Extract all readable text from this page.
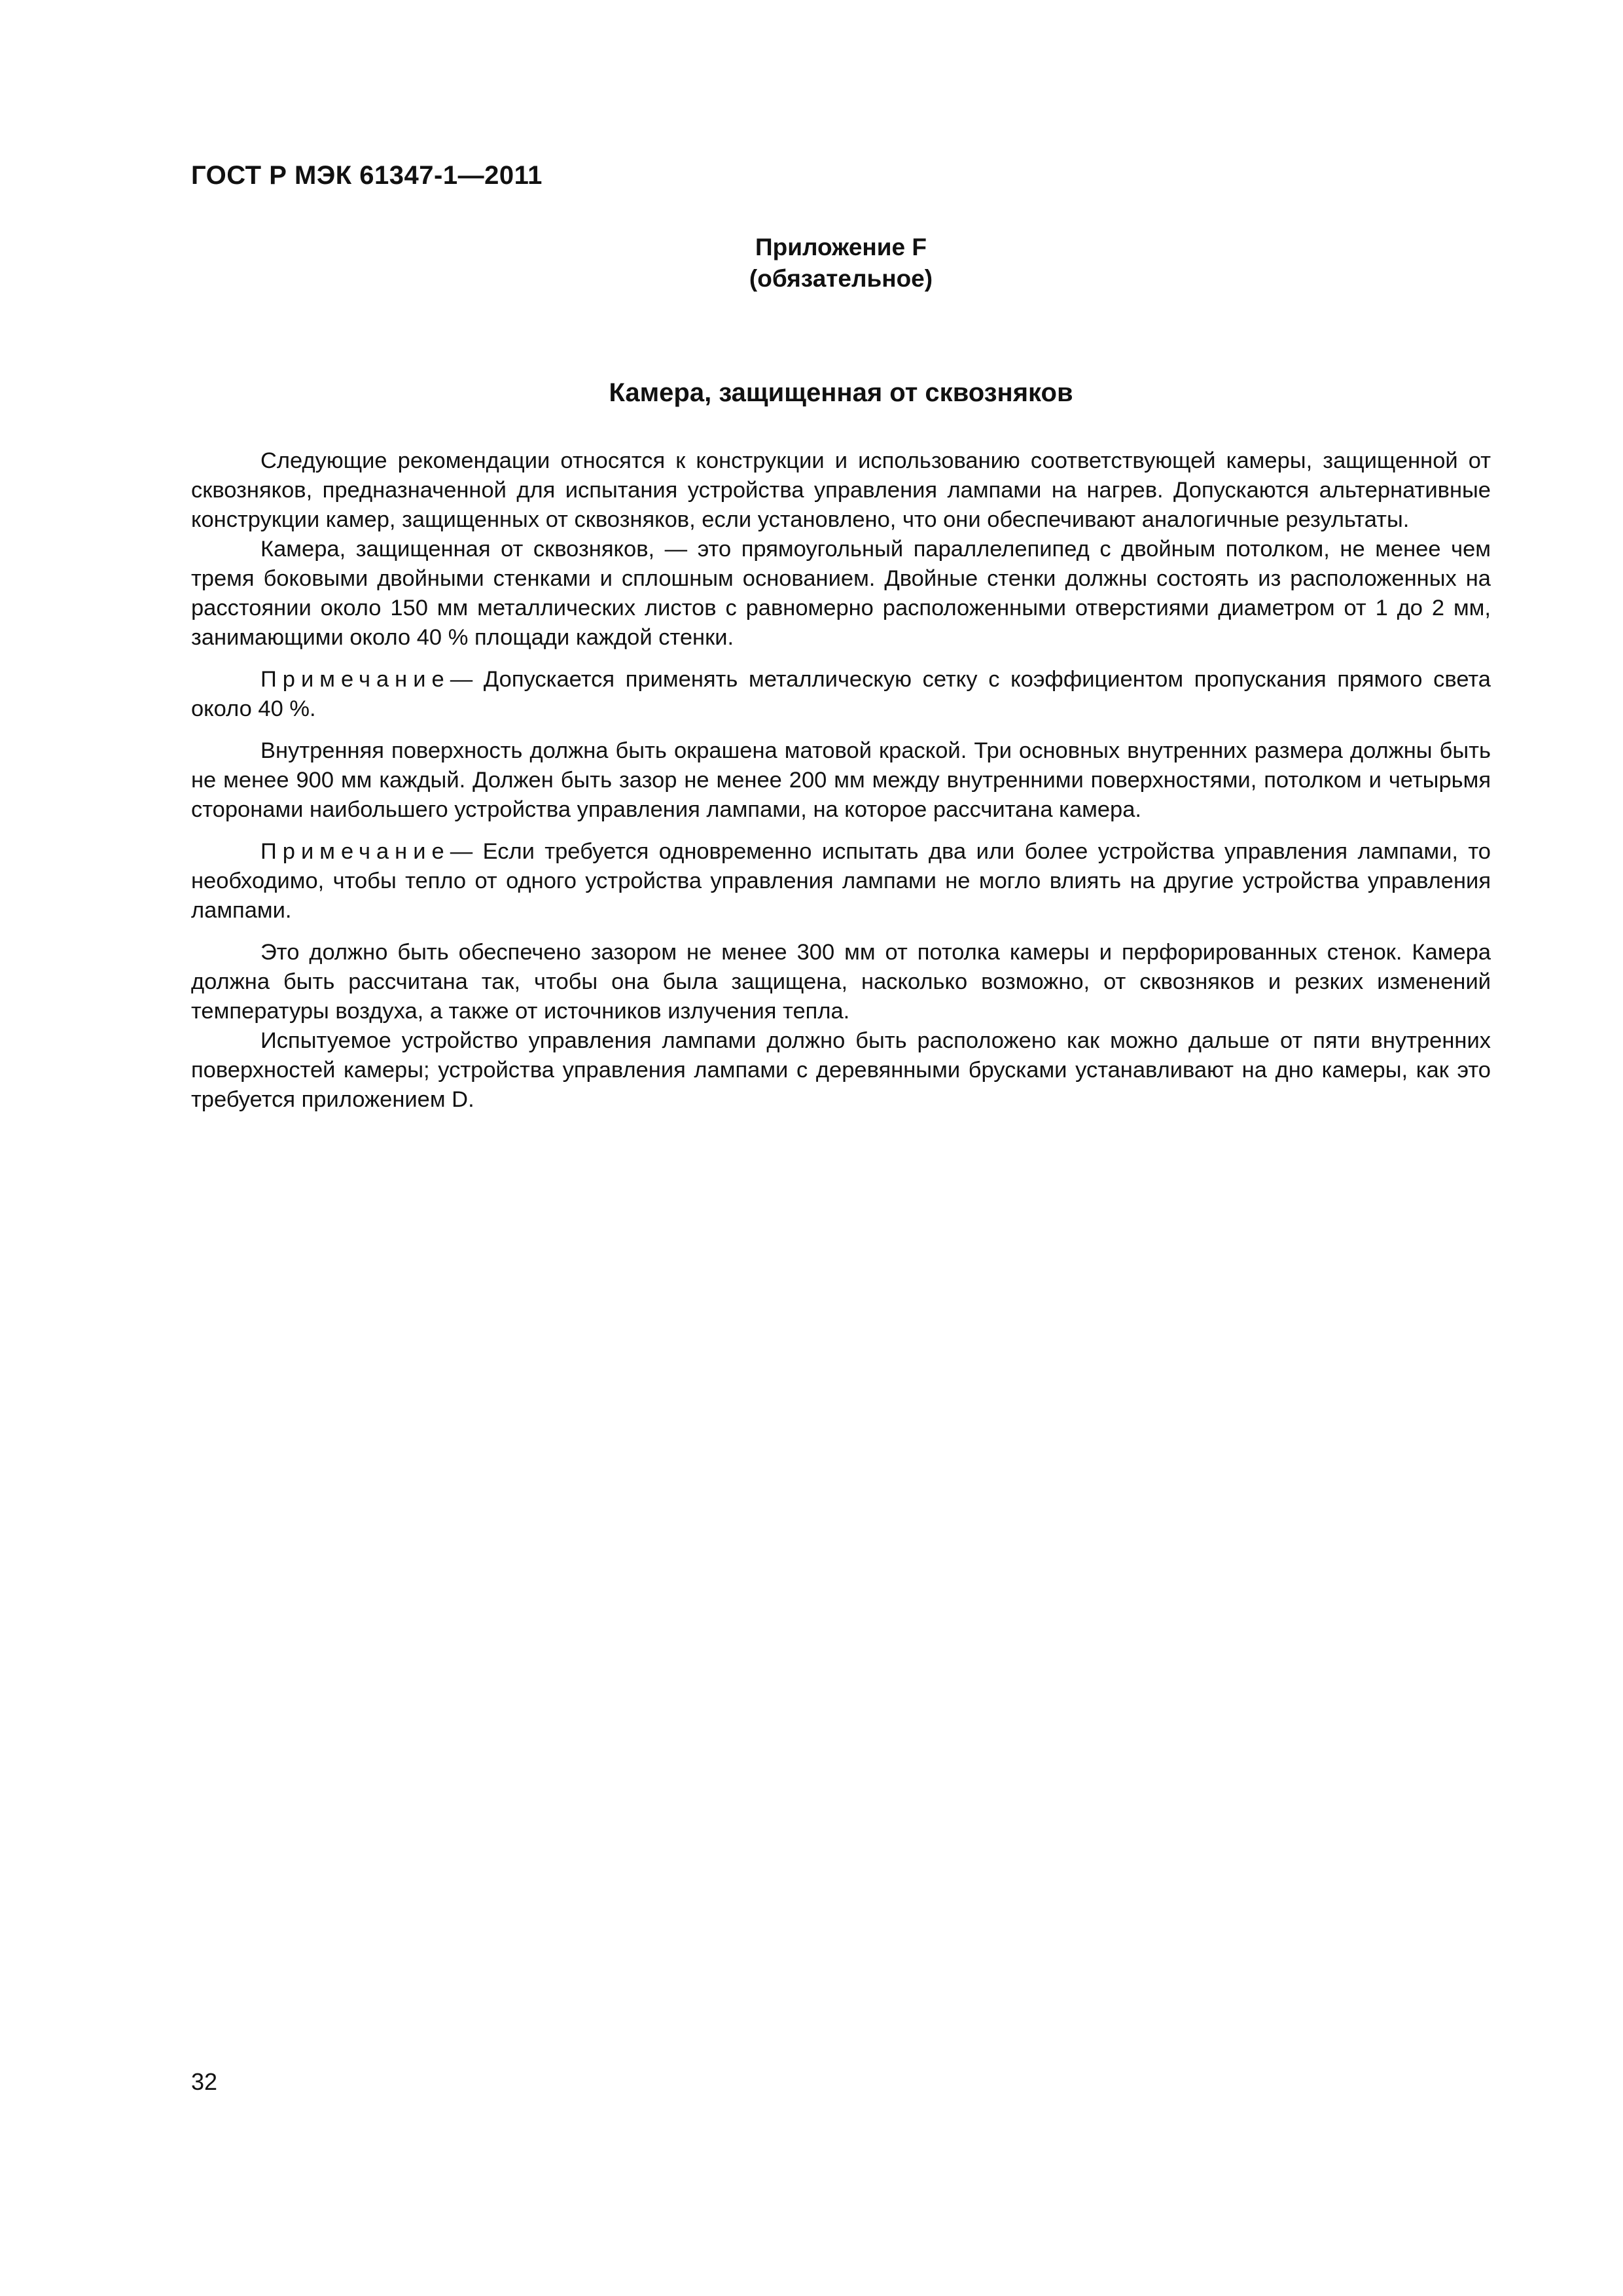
ГОСТ Р МЭК 61347-1—2011
Приложение F
(обязательное)
Камера, защищенная от сквозняков

Следующие рекомендации относятся к конструкции и использованию соответствующей камеры, защищенной от сквозняков, предназначенной для испытания устройства управления лампами на нагрев. Допускаются альтернативные конструкции камер, защищенных от сквозняков, если установлено, что они обеспечивают аналогичные результаты.

Камера, защищенная от сквозняков, — это прямоугольный параллелепипед с двойным потолком, не менее чем тремя боковыми двойными стенками и сплошным основанием. Двойные стенки должны состоять из расположенных на расстоянии около 150 мм металлических листов с равномерно расположенными отверстиями диаметром от 1 до 2 мм, занимающими около 40 % площади каждой стенки.

Примечание— Допускается применять металлическую сетку с коэффициентом пропускания прямого света около 40 %.

Внутренняя поверхность должна быть окрашена матовой краской. Три основных внутренних размера должны быть не менее 900 мм каждый. Должен быть зазор не менее 200 мм между внутренними поверхностями, потолком и четырьмя сторонами наибольшего устройства управления лампами, на которое рассчитана камера.

Примечание— Если требуется одновременно испытать два или более устройства управления лампами, то необходимо, чтобы тепло от одного устройства управления лампами не могло влиять на другие устройства управления лампами.

Это должно быть обеспечено зазором не менее 300 мм от потолка камеры и перфорированных стенок. Камера должна быть рассчитана так, чтобы она была защищена, насколько возможно, от сквозняков и резких изменений температуры воздуха, а также от источников излучения тепла.

Испытуемое устройство управления лампами должно быть расположено как можно дальше от пяти внутренних поверхностей камеры; устройства управления лампами с деревянными брусками устанавливают на дно камеры, как это требуется приложением D.

32
